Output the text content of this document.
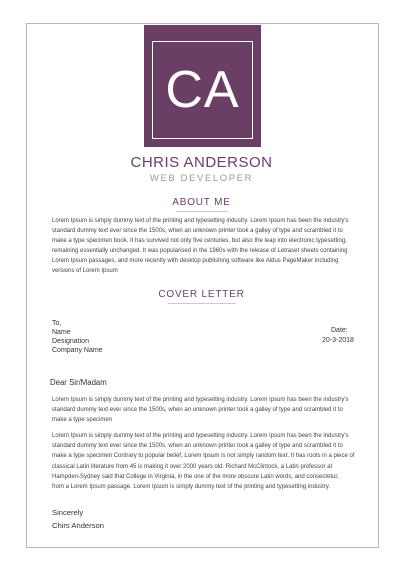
CA
CHRIS ANDERSON
WEB DEVELOPER
ABOUT ME
Lorem Ipsum is simply dummy text of the printing and typesetting industry. Lorem Ipsum has been the industry's
standard dummy text ever since the 1500s, when an unknown printer took a galley of type and scrambled it to
make a type specimen book. It has survived not only five centuries, but also the leap into electronic typesetting,
remaining essentially unchanged. It was popularised in the 1960s with the release of Letraset sheets containing
Lorem Ipsum passages, and more recently with desktop publishing software like Aldus PageMaker including
versions of Lorem Ipsum
COVER LETTER
To,
Name
Designation
Company Name
Date:
20-3-2018
Dear Sir/Madam
Lorem Ipsum is simply dummy text of the printing and typesetting industry. Lorem Ipsum has been the industry's
standard dummy text ever since the 1500s, when an unknown printer took a galley of type and scrambled it to
make a type specimen
Lorem Ipsum is simply dummy text of the printing and typesetting industry. Lorem Ipsum has been the industry's
standard dummy text ever since the 1500s, when an unknown printer took a galley of type and scrambled it to
make a type specimen Contrary to popular belief, Lorem Ipsum is not simply random text. It has roots in a piece of
classical Latin literature from 45 is making it over 2000 years old. Richard McClintock, a Latin professor at
Hampden-Sydney said that College in Virginia, in the one of the more obscure Latin words, and consectetur,
from a Lorem Ipsum passage. Lorem Ipsum is simply dummy text of the printing and typesetting industry.
Sincerely
Chirs Anderson
